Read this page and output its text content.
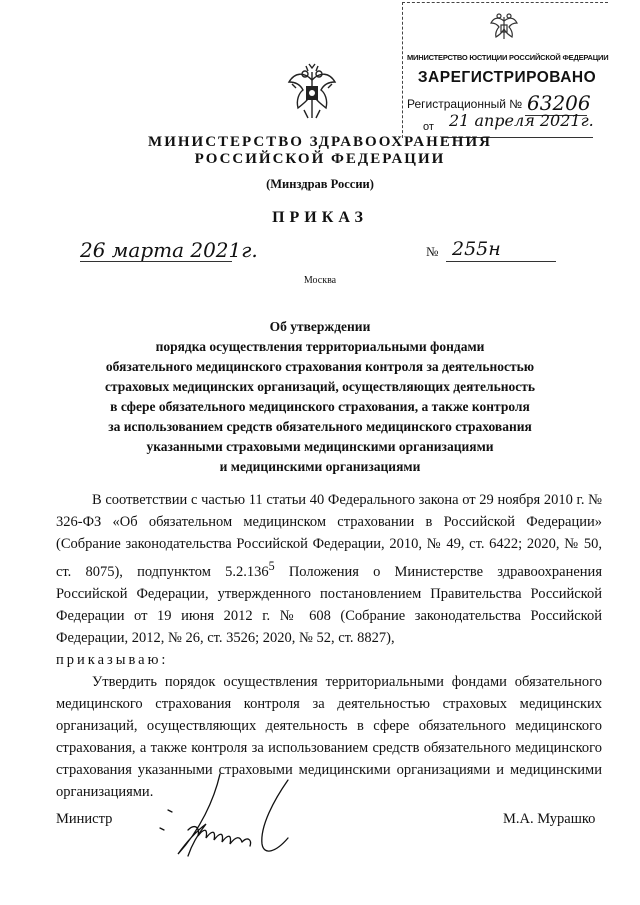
МИНИСТЕРСТВО ЮСТИЦИИ РОССИЙСКОЙ ФЕДЕРАЦИИ
ЗАРЕГИСТРИРОВАНО
Регистрационный № 63206
от 21 апреля 2021г.
МИНИСТЕРСТВО ЗДРАВООХРАНЕНИЯ
РОССИЙСКОЙ ФЕДЕРАЦИИ
(Минздрав России)
ПРИКАЗ
26 марта 2021г.	№ 255н
Москва
Об утверждении
порядка осуществления территориальными фондами
обязательного медицинского страхования контроля за деятельностью
страховых медицинских организаций, осуществляющих деятельность
в сфере обязательного медицинского страхования, а также контроля
за использованием средств обязательного медицинского страхования
указанными страховыми медицинскими организациями
и медицинскими организациями

В соответствии с частью 11 статьи 40 Федерального закона от 29 ноября 2010 г. № 326-ФЗ «Об обязательном медицинском страховании в Российской Федерации» (Собрание законодательства Российской Федерации, 2010, № 49, ст. 6422; 2020, № 50, ст. 8075), подпунктом 5.2.136$^5$ Положения о Министерстве здравоохранения Российской Федерации, утвержденного постановлением Правительства Российской Федерации от 19 июня 2012 г. № 608 (Собрание законодательства Российской Федерации, 2012, № 26, ст. 3526; 2020, № 52, ст. 8827),

приказываю:

Утвердить порядок осуществления территориальными фондами обязательного медицинского страхования контроля за деятельностью страховых медицинских организаций, осуществляющих деятельность в сфере обязательного медицинского страхования, а также контроля за использованием средств обязательного медицинского страхования указанными страховыми медицинскими организациями и медицинскими организациями.

Министр	М.А. Мурашко
